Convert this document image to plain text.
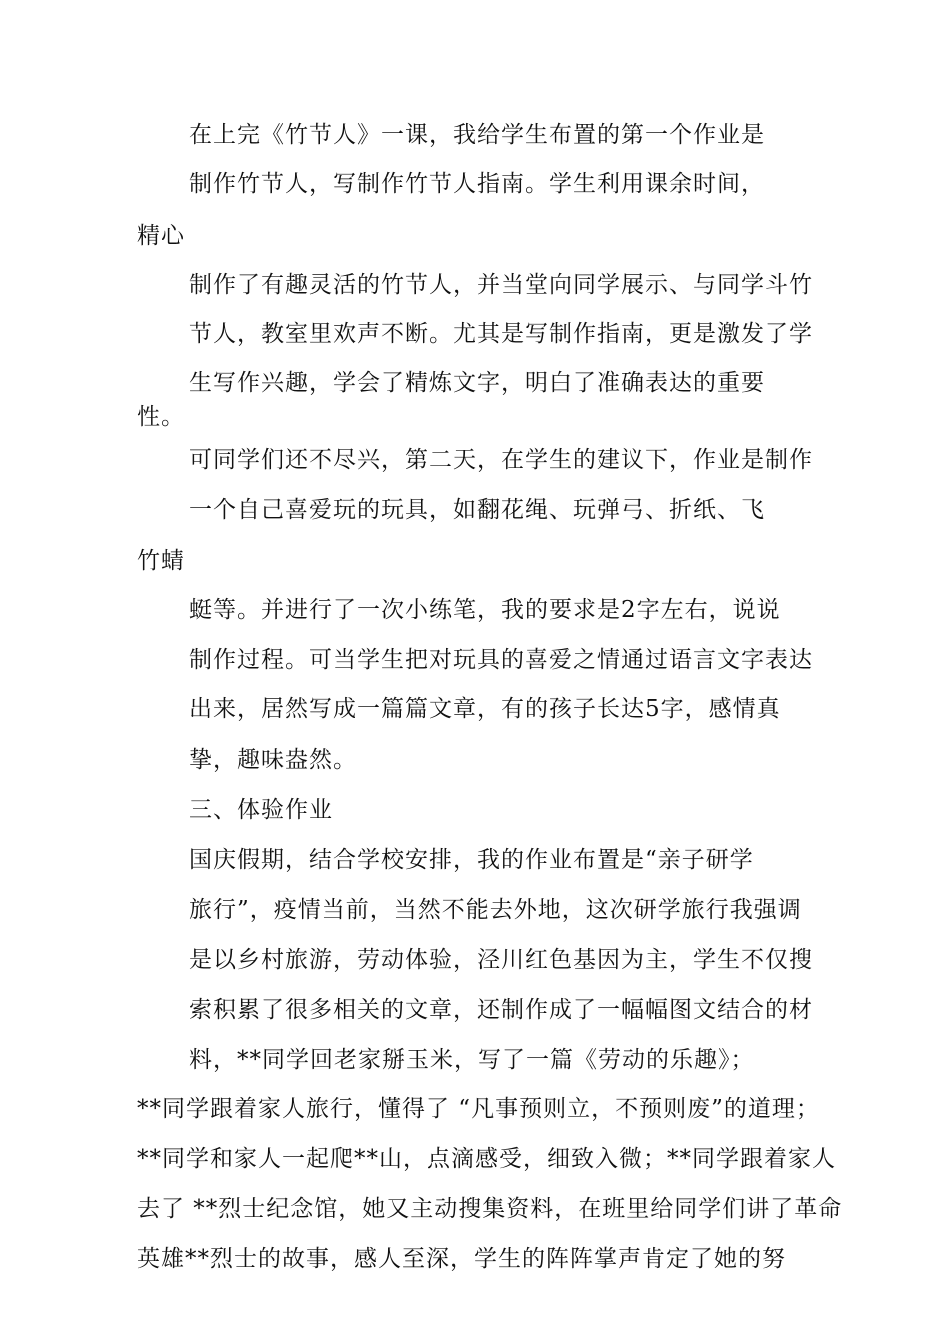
在上完《竹节人》一课，我给学生布置的第一个作业是
制作竹节人，写制作竹节人指南。学生利用课余时间，
精心
制作了有趣灵活的竹节人，并当堂向同学展示、与同学斗竹
节人，教室里欢声不断。尤其是写制作指南，更是激发了学
生写作兴趣，学会了精炼文字，明白了准确表达的重要
性。
可同学们还不尽兴，第二天，在学生的建议下，作业是制作
一个自己喜爱玩的玩具，如翻花绳、玩弹弓、折纸、飞
竹蜻
蜓等。并进行了一次小练笔，我的要求是2字左右，说说
制作过程。可当学生把对玩具的喜爱之情通过语言文字表达
出来，居然写成一篇篇文章，有的孩子长达5字，感情真
挚，趣味盎然。
三、体验作业
国庆假期，结合学校安排，我的作业布置是“亲子研学
旅行”，疫情当前，当然不能去外地，这次研学旅行我强调
是以乡村旅游，劳动体验，泾川红色基因为主，学生不仅搜
索积累了很多相关的文章，还制作成了一幅幅图文结合的材
料，**同学回老家掰玉米，写了一篇《劳动的乐趣》；
**同学跟着家人旅行，懂得了 “凡事预则立，不预则废”的道理；
**同学和家人一起爬**山，点滴感受，细致入微；**同学跟着家人
去了 **烈士纪念馆，她又主动搜集资料，在班里给同学们讲了革命
英雄**烈士的故事，感人至深，学生的阵阵掌声肯定了她的努
